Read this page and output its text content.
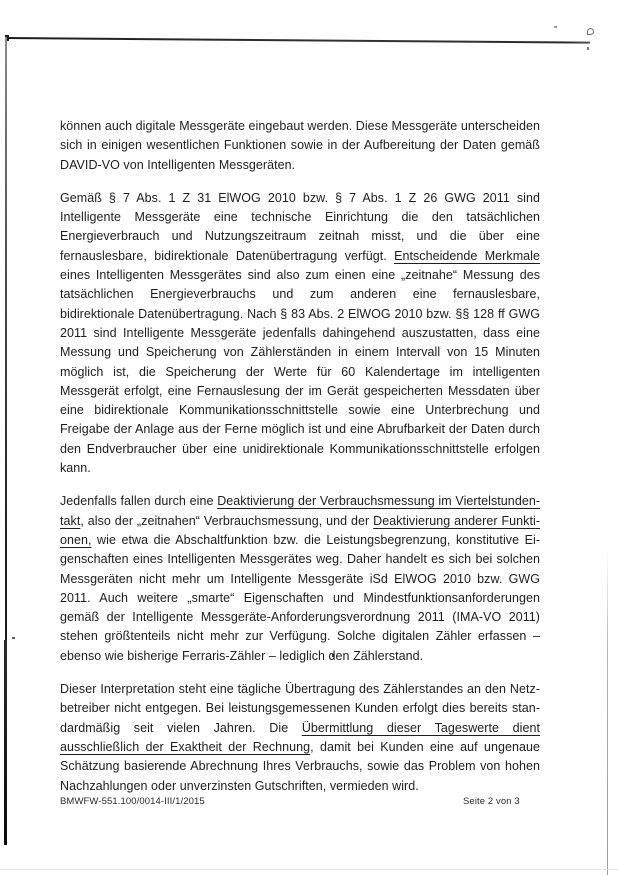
können auch digitale Messgeräte eingebaut werden. Diese Messgeräte unterscheiden sich in einigen wesentlichen Funktionen sowie in der Aufbereitung der Daten gemäß DAVID-VO von Intelligenten Messgeräten.

Gemäß § 7 Abs. 1 Z 31 ElWOG 2010 bzw. § 7 Abs. 1 Z 26 GWG 2011 sind Intelligente Messgeräte eine technische Einrichtung die den tatsächlichen Energieverbrauch und Nutzungszeitraum zeitnah misst, und die über eine fernauslesbare, bidirektionale Datenübertragung verfügt. Entscheidende Merkmale eines Intelligenten Messgerätes sind also zum einen eine „zeitnahe“ Messung des tatsächlichen Energieverbrauchs und zum anderen eine fernauslesbare, bidirektionale Datenübertragung. Nach § 83 Abs. 2 ElWOG 2010 bzw. §§ 128 ff GWG 2011 sind Intelligente Messgeräte jedenfalls dahingehend auszustatten, dass eine Messung und Speicherung von Zählerständen in einem Intervall von 15 Minuten möglich ist, die Speicherung der Werte für 60 Kalendertage im intelligenten Messgerät erfolgt, eine Fernauslesung der im Gerät gespeicherten Messdaten über eine bidirektionale Kommunikationsschnittstelle sowie eine Unterbrechung und Freigabe der Anlage aus der Ferne möglich ist und eine Abrufbarkeit der Daten durch den Endverbraucher über eine unidirektionale Kommunikationsschnittstelle erfolgen kann.

Jedenfalls fallen durch eine Deaktivierung der Verbrauchsmessung im Viertelstundentakt, also der „zeitnahen“ Verbrauchsmessung, und der Deaktivierung anderer Funktionen, wie etwa die Abschaltfunktion bzw. die Leistungsbegrenzung, konstitutive Eigenschaften eines Intelligenten Messgerätes weg. Daher handelt es sich bei solchen Messgeräten nicht mehr um Intelligente Messgeräte iSd ElWOG 2010 bzw. GWG 2011. Auch weitere „smarte“ Eigenschaften und Mindestfunktionsanforderungen gemäß der Intelligente Messgeräte-Anforderungsverordnung 2011 (IMA-VO 2011) stehen größtenteils nicht mehr zur Verfügung. Solche digitalen Zähler erfassen – ebenso wie bisherige Ferraris-Zähler – lediglich den Zählerstand.

Dieser Interpretation steht eine tägliche Übertragung des Zählerstandes an den Netzbetreiber nicht entgegen. Bei leistungsgemessenen Kunden erfolgt dies bereits standardmäßig seit vielen Jahren. Die Übermittlung dieser Tageswerte dient ausschließlich der Exaktheit der Rechnung, damit bei Kunden eine auf ungenaue Schätzung basierende Abrechnung Ihres Verbrauchs, sowie das Problem von hohen Nachzahlungen oder unverzinsten Gutschriften, vermieden wird.

BMWFW-551.100/0014-III/1/2015	Seite 2 von 3
